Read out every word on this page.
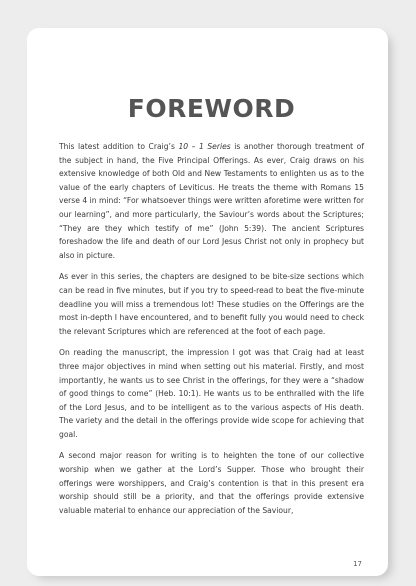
FOREWORD

This latest addition to Craig’s 10 – 1 Series is another thorough treatment of the subject in hand, the Five Principal Offerings. As ever, Craig draws on his extensive knowledge of both Old and New Testaments to enlighten us as to the value of the early chapters of Leviticus. He treats the theme with Romans 15 verse 4 in mind: “For whatsoever things were written aforetime were written for our learning”, and more particularly, the Saviour’s words about the Scriptures; “They are they which testify of me” (John 5:39). The ancient Scriptures foreshadow the life and death of our Lord Jesus Christ not only in prophecy but also in picture.

As ever in this series, the chapters are designed to be bite-size sections which can be read in five minutes, but if you try to speed-read to beat the five-minute deadline you will miss a tremendous lot! These studies on the Offerings are the most in-depth I have encountered, and to benefit fully you would need to check the relevant Scriptures which are referenced at the foot of each page.

On reading the manuscript, the impression I got was that Craig had at least three major objectives in mind when setting out his material. Firstly, and most importantly, he wants us to see Christ in the offerings, for they were a “shadow of good things to come” (Heb. 10:1). He wants us to be enthralled with the life of the Lord Jesus, and to be intelligent as to the various aspects of His death. The variety and the detail in the offerings provide wide scope for achieving that goal.

A second major reason for writing is to heighten the tone of our collective worship when we gather at the Lord’s Supper. Those who brought their offerings were worshippers, and Craig’s contention is that in this present era worship should still be a priority, and that the offerings provide extensive valuable material to enhance our appreciation of the Saviour,

17
